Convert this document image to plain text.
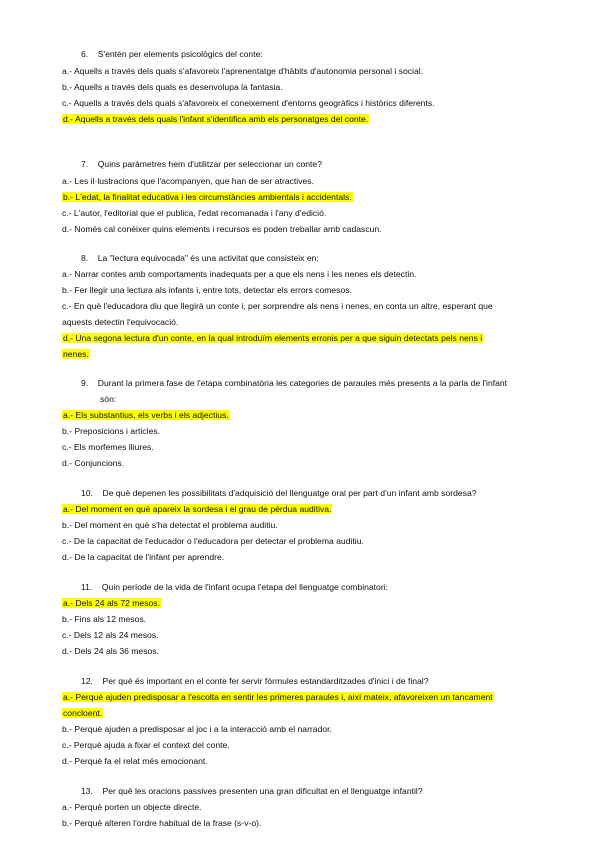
6. S'entén per elements psicològics del conte:
a.- Aquells a través dels quals s'afavoreix l'aprenentatge d'hàbits d'autonomia personal i social.
b.- Aquells a través dels quals es desenvolupa la fantasia.
c.- Aquells a través dels quals s'afavoreix el coneixement d'entorns geogràfics i històrics diferents.
d.- Aquells a través dels quals l'infant s'identifica amb els personatges del conte.
7. Quins paràmetres hem d'utilitzar per seleccionar un conte?
a.- Les il·lustracions que l'acompanyen, que han de ser atractives.
b.- L'edat, la finalitat educativa i les circumstàncies ambientals i accidentals.
c.- L'autor, l'editorial que el publica, l'edat recomanada i l'any d'edició.
d.- Només cal conèixer quins elements i recursos es poden treballar amb cadascun.
8. La "lectura equivocada" és una activitat que consisteix en:
a.- Narrar contes amb comportaments inadequats per a que els nens i les nenes els detectin.
b.- Fer llegir una lectura als infants i, entre tots, detectar els errors comesos.
c.- En què l'educadora diu que llegirà un conte i, per sorprendre als nens i nenes, en conta un altre, esperant que
aquests detectin l'equivocació.
d.- Una segona lectura d'un conte, en la qual introduïm elements erronis per a que siguin detectats pels nens i
nenes.
9. Durant la primera fase de l'etapa combinatòria les categories de paraules més presents a la parla de l'infant
són:
a.- Els substantius, els verbs i els adjectius.
b.- Preposicions i articles.
c.- Els morfemes lliures.
d.- Conjuncions.
10. De què depenen les possibilitats d'adquisició del llenguatge oral per part d'un infant amb sordesa?
a.- Del moment en què apareix la sordesa i el grau de pèrdua auditiva.
b.- Del moment en què s'ha detectat el problema auditiu.
c.- De la capacitat de l'educador o l'educadora per detectar el problema auditiu.
d.- De la capacitat de l'infant per aprendre.
11. Quin període de la vida de l'infant ocupa l'etapa del llenguatge combinatori:
a.- Dels 24 als 72 mesos.
b.- Fins als 12 mesos.
c.- Dels 12 als 24 mesos.
d.- Dels 24 als 36 mesos.
12. Per què és important en el conte fer servir fórmules estandarditzades d'inici i de final?
a.- Perquè ajuden predisposar a l'escolta en sentir les primeres paraules i, així mateix, afavoreixen un tancament
concloent.
b.- Perquè ajuden a predisposar al joc i a la interacció amb el narrador.
c.- Perquè ajuda a fixar el context del conte.
d.- Perquè fa el relat més emocionant.
13. Per què les oracions passives presenten una gran dificultat en el llenguatge infantil?
a.- Perquè porten un objecte directe.
b.- Perquè alteren l'ordre habitual de la frase (s-v-o).
